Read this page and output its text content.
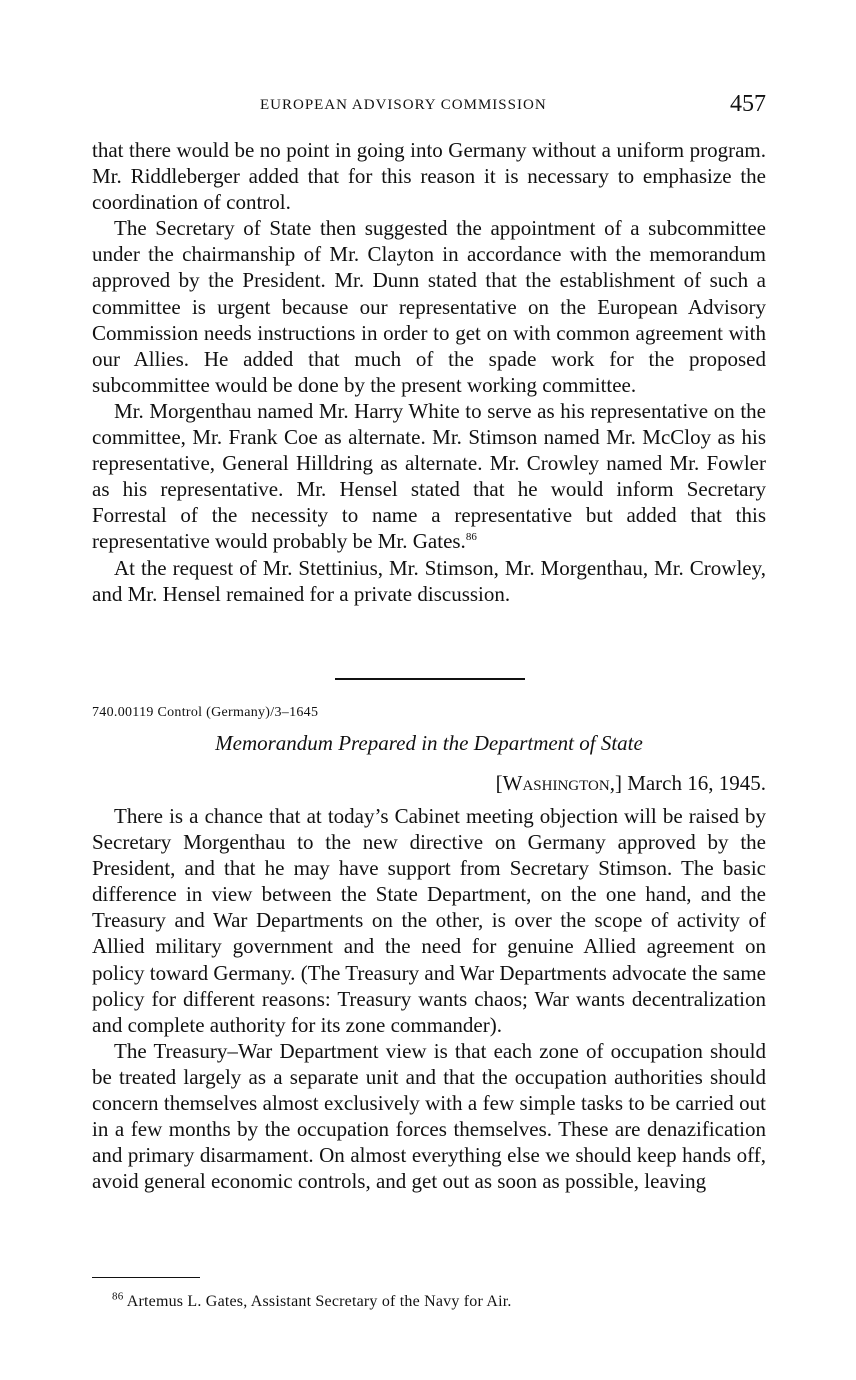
EUROPEAN ADVISORY COMMISSION	457

that there would be no point in going into Germany without a uniform program. Mr. Riddleberger added that for this reason it is necessary to emphasize the coordination of control.

The Secretary of State then suggested the appointment of a subcommittee under the chairmanship of Mr. Clayton in accordance with the memorandum approved by the President. Mr. Dunn stated that the establishment of such a committee is urgent because our representative on the European Advisory Commission needs instructions in order to get on with common agreement with our Allies. He added that much of the spade work for the proposed subcommittee would be done by the present working committee.

Mr. Morgenthau named Mr. Harry White to serve as his representative on the committee, Mr. Frank Coe as alternate. Mr. Stimson named Mr. McCloy as his representative, General Hilldring as alternate. Mr. Crowley named Mr. Fowler as his representative. Mr. Hensel stated that he would inform Secretary Forrestal of the necessity to name a representative but added that this representative would probably be Mr. Gates.$^{86}$

At the request of Mr. Stettinius, Mr. Stimson, Mr. Morgenthau, Mr. Crowley, and Mr. Hensel remained for a private discussion.

740.00119 Control (Germany)/3–1645
Memorandum Prepared in the Department of State
[Washington,] March 16, 1945.

There is a chance that at today’s Cabinet meeting objection will be raised by Secretary Morgenthau to the new directive on Germany approved by the President, and that he may have support from Secretary Stimson. The basic difference in view between the State Department, on the one hand, and the Treasury and War Departments on the other, is over the scope of activity of Allied military government and the need for genuine Allied agreement on policy toward Germany. (The Treasury and War Departments advocate the same policy for different reasons: Treasury wants chaos; War wants decentralization and complete authority for its zone commander).

The Treasury–War Department view is that each zone of occupation should be treated largely as a separate unit and that the occupation authorities should concern themselves almost exclusively with a few simple tasks to be carried out in a few months by the occupation forces themselves. These are denazification and primary disarmament. On almost everything else we should keep hands off, avoid general economic controls, and get out as soon as possible, leaving

$^{86}$ Artemus L. Gates, Assistant Secretary of the Navy for Air.
